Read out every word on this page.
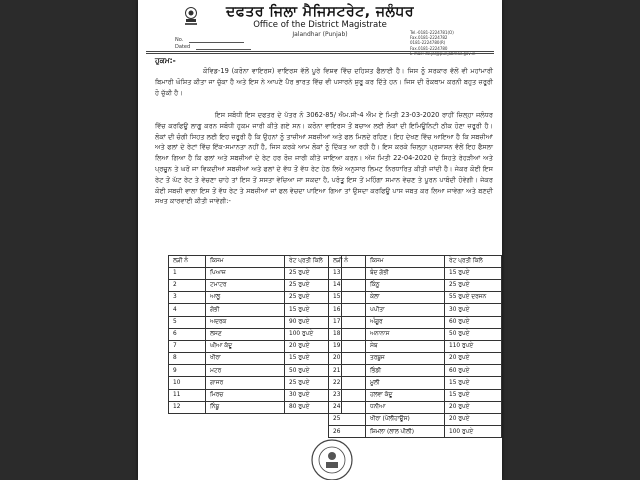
ਦਫਤਰ ਜਿਲਾ ਮੈਜਿਸਟਰੇਟ, ਜਲੰਧਰ
Office of the District Magistrate
Jalandhar (Punjab)	Tel.-0181-2224781(O)
Fax.0181-2224782
0181-2224780(R)
Fax.0181-2224780
E-mail: dc.jal@punjabmail.gov.in
No.
Dated
ਹੁਕਮ:-
ਕੋਵਿਡ-19 (ਕਰੋਨਾ ਵਾਇਰਸ) ਵਾਇਰਸ ਵੱਲੋਂ ਪੂਰੇ ਵਿਸ਼ਵ ਵਿੱਚ ਦਹਿਸ਼ਤ ਫੈਲਾਈ ਹੈ। ਜਿਸ ਨੂੰ ਸਰਕਾਰ ਵੱਲੋਂ ਵੀ ਮਹਾਂਮਾਰੀ ਬਿਮਾਰੀ ਘੋਸ਼ਿਤ ਕੀਤਾ ਜਾ ਚੁੱਕਾ ਹੈ ਅਤੇ ਇਸ ਨੇ ਆਪਣੇ ਪੈਰ ਭਾਰਤ ਵਿੱਚ ਵੀ ਪਸਾਰਨੇ ਸ਼ੁਰੂ ਕਰ ਦਿੱਤੇ ਹਨ। ਜਿਸ ਦੀ ਰੋਕਥਾਮ ਕਰਨੀ ਬਹੁਤ ਜ਼ਰੂਰੀ ਹੋ ਚੁੱਕੀ ਹੈ।
ਇਸ ਸਬੰਧੀ ਇਸ ਦਫਤਰ ਦੇ ਪੱਤਰ ਨੰ 3062-85/ ਐਮ.ਸੀ-4 ਐਮ ਏ ਮਿਤੀ 23-03-2020 ਰਾਹੀਂ ਜ਼ਿਲ੍ਹਾ ਜਲੰਧਰ ਵਿੱਚ ਕਰਫਿਊ ਲਾਗੂ ਕਰਨ ਸਬੰਧੀ ਹੁਕਮ ਜਾਰੀ ਕੀਤੇ ਗਏ ਸਨ। ਕਰੋਨਾ ਵਾਇਰਸ ਤੋਂ ਬਚਾਅ ਲਈ ਲੋਕਾਂ ਦੀ ਇਮਿਊਨਿਟੀ ਠੀਕ ਹੋਣਾ ਜ਼ਰੂਰੀ ਹੈ। ਲੋਕਾਂ ਦੀ ਚੰਗੀ ਸਿਹਤ ਲਈ ਇਹ ਜ਼ਰੂਰੀ ਹੈ ਕਿ ਉਹਨਾਂ ਨੂੰ ਤਾਜ਼ੀਆਂ ਸਬਜ਼ੀਆਂ ਅਤੇ ਫਲ ਮਿਲਦੇ ਰਹਿਣ। ਇਹ ਦੇਖਣ ਵਿੱਚ ਆਇਆ ਹੈ ਕਿ ਸਬਜ਼ੀਆਂ ਅਤੇ ਫਲਾਂ ਦੇ ਰੇਟਾਂ ਵਿੱਚ ਇੱਕ-ਸਮਾਨਤਾ ਨਹੀਂ ਹੈ, ਜਿਸ ਕਰਕੇ ਆਮ ਲੋਕਾਂ ਨੂੰ ਦਿੱਕਤ ਆ ਰਹੀ ਹੈ। ਇਸ ਕਰਕੇ ਜ਼ਿਲ੍ਹਾ ਪ੍ਰਸ਼ਾਸਨ ਵੱਲੋਂ ਇਹ ਫੈਸਲਾ ਲਿਆ ਗਿਆ ਹੈ ਕਿ ਫਲਾਂ ਅਤੇ ਸਬਜ਼ੀਆਂ ਦੇ ਰੇਟ ਹਰ ਰੋਜ਼ ਜਾਰੀ ਕੀਤੇ ਜਾਇਆ ਕਰਨ। ਅੱਜ ਮਿਤੀ 22-04-2020 ਦੇ ਸਿਹਤੇ ਰੇਹੜੀਆਂ ਅਤੇ ਪ੍ਰਚੂਨ ਤੇ ਘਰੋਂ ਜਾ ਵਿਕਦੀਆਂ ਸਬਜ਼ੀਆਂ ਅਤੇ ਫਲਾਂ ਦੇ ਵੱਧ ਤੋਂ ਵੱਧ ਰੇਟ ਹੇਠ ਲਿਖੇ ਅਨੁਸਾਰ ਲਿਮਟ ਨਿਰਧਾਰਿਤ ਕੀਤੀ ਜਾਂਦੀ ਹੈ। ਜੇਕਰ ਕੋਈ ਇਸ ਰੇਟ ਤੋਂ ਘੱਟ ਰੇਟ ਤੇ ਵੇਚਣਾ ਚਾਹੇ ਤਾਂ ਇਸ ਤੋਂ ਸਸਤਾ ਵੇਚਿਆ ਜਾ ਸਕਦਾ ਹੈ, ਪਰੰਤੂ ਇਸ ਤੋਂ ਮਹਿੰਗਾ ਸਮਾਨ ਵੇਚਣ ਤੇ ਪੂਰਨ ਪਾਬੰਦੀ ਹੋਵੇਗੀ। ਜੇਕਰ ਕੋਈ ਸਬਜ਼ੀ ਵਾਲਾ ਇਸ ਤੋਂ ਵੱਧ ਰੇਟ ਤੇ ਸਬਜ਼ੀਆਂ ਜਾਂ ਫਲ ਵੇਚਦਾ ਪਾਇਆ ਗਿਆ ਤਾਂ ਉਸਦਾ ਕਰਫਿਊ ਪਾਸ ਜਬਤ ਕਰ ਲਿਆ ਜਾਵੇਗਾ ਅਤੇ ਬਣਦੀ ਸਖਤ ਕਾਰਵਾਈ ਕੀਤੀ ਜਾਵੇਗੀ:-
ਲੜੀ ਨੰ	ਕਿਸਮ	ਰੇਟ ਪ੍ਰਤੀ ਕਿਲੋ
1	ਪਿਆਜ਼	25 ਰੁਪਏ
2	ਟਮਾਟਰ	25 ਰੁਪਏ
3	ਆਲੂ	25 ਰੁਪਏ
4	ਗੋਭੀ	15 ਰੁਪਏ
5	ਅਦਰਕ	90 ਰੁਪਏ
6	ਲਸਣ	100 ਰੁਪਏ
7	ਘੀਆ ਕੱਦੂ	20 ਰੁਪਏ
8	ਖੀਰਾ	15 ਰੁਪਏ
9	ਮਟਰ	50 ਰੁਪਏ
10	ਗਾਜਰ	25 ਰੁਪਏ
11	ਮਿਰਚ	30 ਰੁਪਏ
12	ਨਿੰਬੂ	80 ਰੁਪਏ
ਲੜੀ ਨੰ	ਕਿਸਮ	ਰੇਟ ਪ੍ਰਤੀ ਕਿਲੋ
13	ਬੰਦ ਗੋਭੀ	15 ਰੁਪਏ
14	ਕਿੰਨੂ	25 ਰੁਪਏ
15	ਕੇਲਾ	55 ਰੁਪਏ ਦਰਜਨ
16	ਪਪੀਤਾ	30 ਰੁਪਏ
17	ਅੰਗੂਰ	60 ਰੁਪਏ
18	ਅਨਾਨਾਸ	50 ਰੁਪਏ
19	ਸੇਬ	110 ਰੁਪਏ
20	ਤਰਬੂਜ	20 ਰੁਪਏ
21	ਭਿੰਡੀ	60 ਰੁਪਏ
22	ਮੂਲੀ	15 ਰੁਪਏ
23	ਹਲਵਾ ਕੱਦੂ	15 ਰੁਪਏ
24	ਧਨੀਆ	20 ਰੁਪਏ
25	ਖੀਰਾ (ਪੋਲੀਹਾਊਸ)	20 ਰੁਪਏ
26	ਸ਼ਿਮਲਾ (ਲਾਲ ਪੀਲੀ)	100 ਰੁਪਏ
